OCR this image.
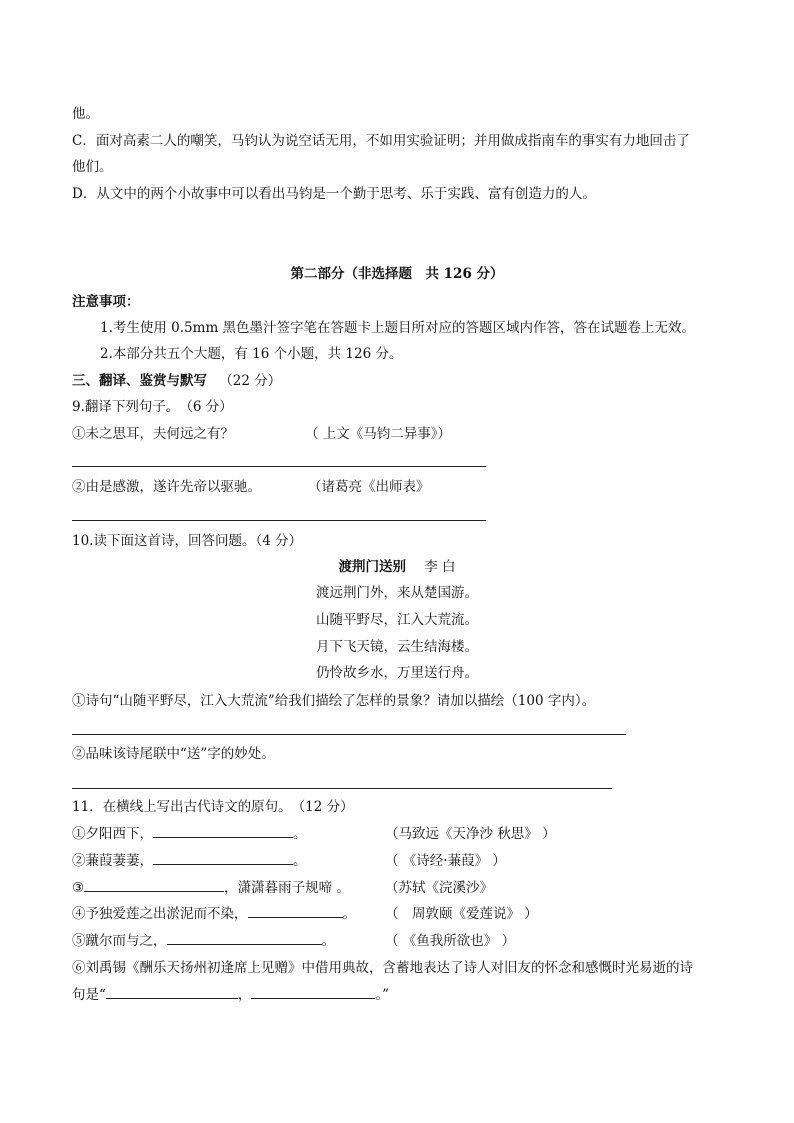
他。
C．面对高素二人的嘲笑，马钧认为说空话无用，不如用实验证明；并用做成指南车的事实有力地回击了
他们。
D．从文中的两个小故事中可以看出马钧是一个勤于思考、乐于实践、富有创造力的人。
第二部分（非选择题　共 126 分）
注意事项：
1.考生使用 0.5mm 黑色墨汁签字笔在答题卡上题目所对应的答题区域内作答，答在试题卷上无效。
2.本部分共五个大题，有 16 个小题，共 126 分。
三、翻译、鉴赏与默写 （22 分）
9.翻译下列句子。　（6 分）
①未之思耳，夫何远之有？	（ 上文《马钧二异事》）
②由是感激，遂许先帝以驱驰。	（诸葛亮《出师表》
10.读下面这首诗，回答问题。（4 分）
渡荆门送别 李 白
渡远荆门外，来从楚国游。
山随平野尽，江入大荒流。
月下飞天镜，云生结海楼。
仍怜故乡水，万里送行舟。
①诗句“山随平野尽，江入大荒流”给我们描绘了怎样的景象？请加以描绘（100 字内）。
②品味该诗尾联中“送”字的妙处。
11．在横线上写出古代诗文的原句。　（12 分）
①夕阳西下，	。	（马致远《天净沙 秋思》 ）
②蒹葭萋萋，	。	（ 《诗经·蒹葭》 ）
③	，潇潇暮雨子规啼 。	（苏轼《浣溪沙》
④予独爱莲之出淤泥而不染，	。 （　周敦颐《爱莲说》 ）
⑤蹴尔而与之，	。	（ 《鱼我所欲也》 ）
⑥刘禹锡《酬乐天扬州初逢席上见赠》中借用典故，含蓄地表达了诗人对旧友的怀念和感慨时光易逝的诗
句是“	，	。”
